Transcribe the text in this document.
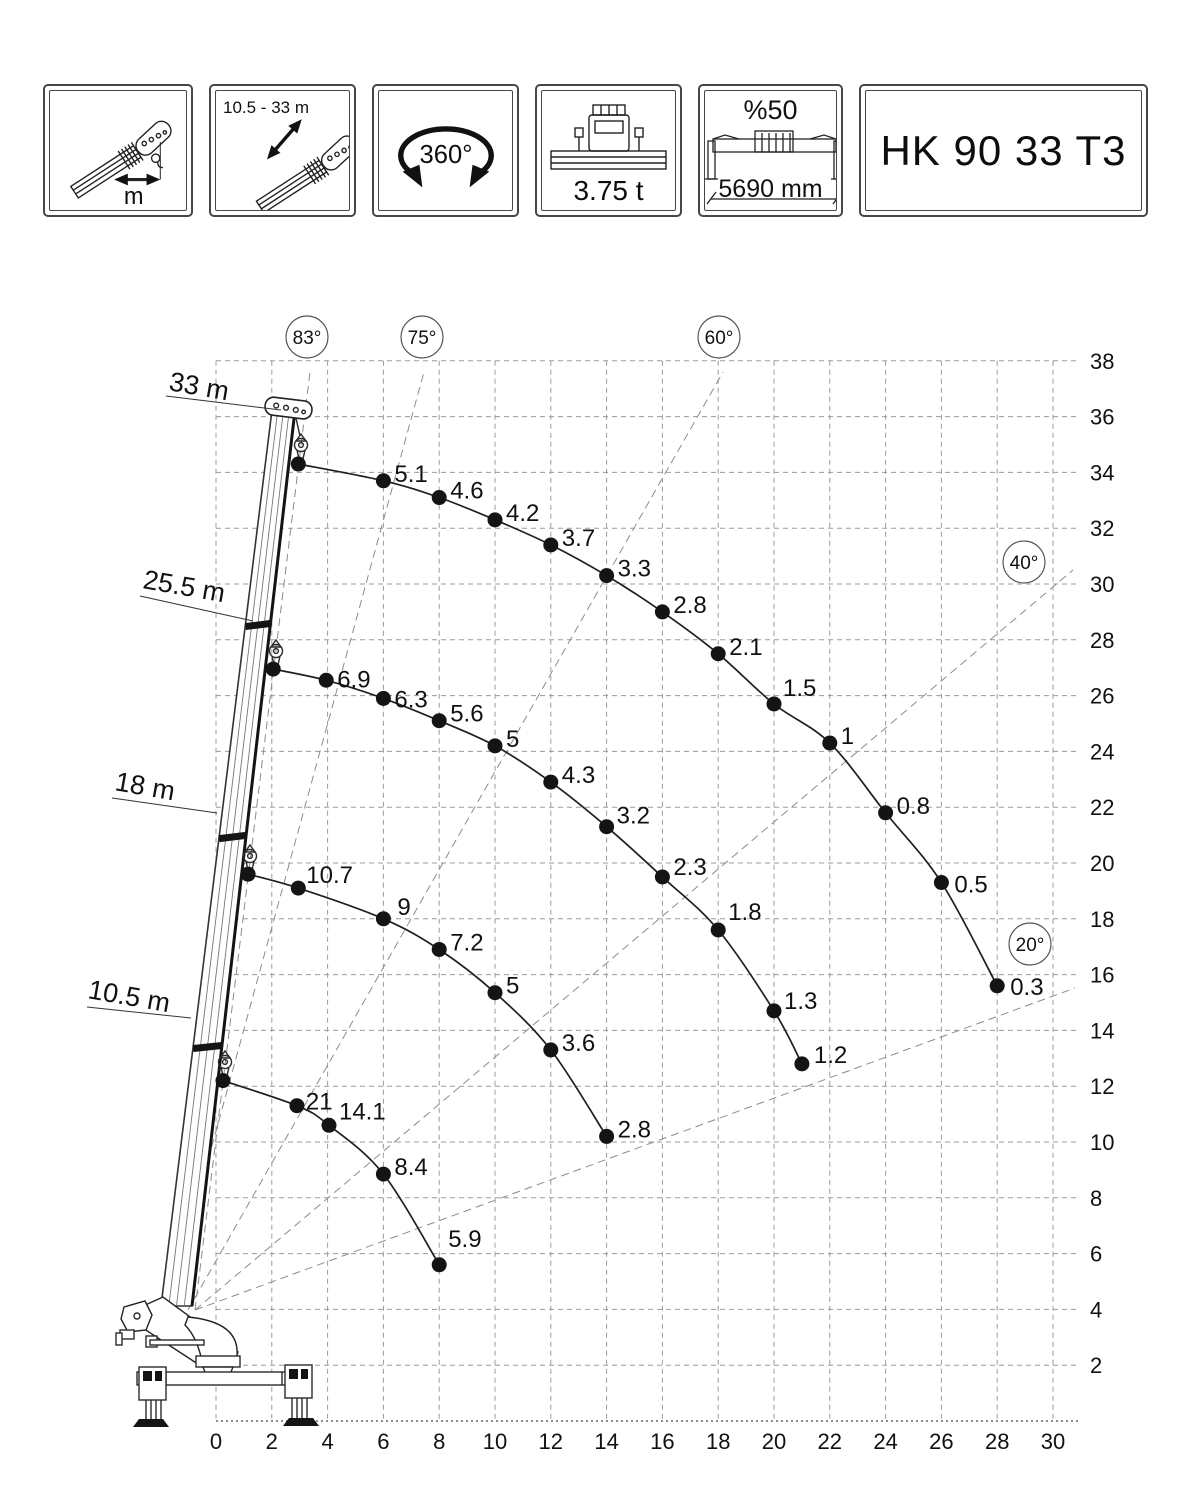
m
10.5 - 33 m
360°
3.75 t
%50
5690 mm
HK 90 33 T3
5.1
4.6
4.2
3.7
3.3
2.8
2.1
1.5
1
0.8
0.5
0.3
6.9
6.3
5.6
5
4.3
3.2
2.3
1.8
1.3
1.2
10.7
9
7.2
5
3.6
2.8
21 14.1
8.4
5.9
0 2 4 6 8 10 12 14 16 18 20 22 24 26 28 30
2
4
6
8
10
12
14
16
18
20
22
24
26
28
30
32
34
36
38
83°	75°	60°
40°
20°
33 m
25.5 m
18 m
10.5 m
